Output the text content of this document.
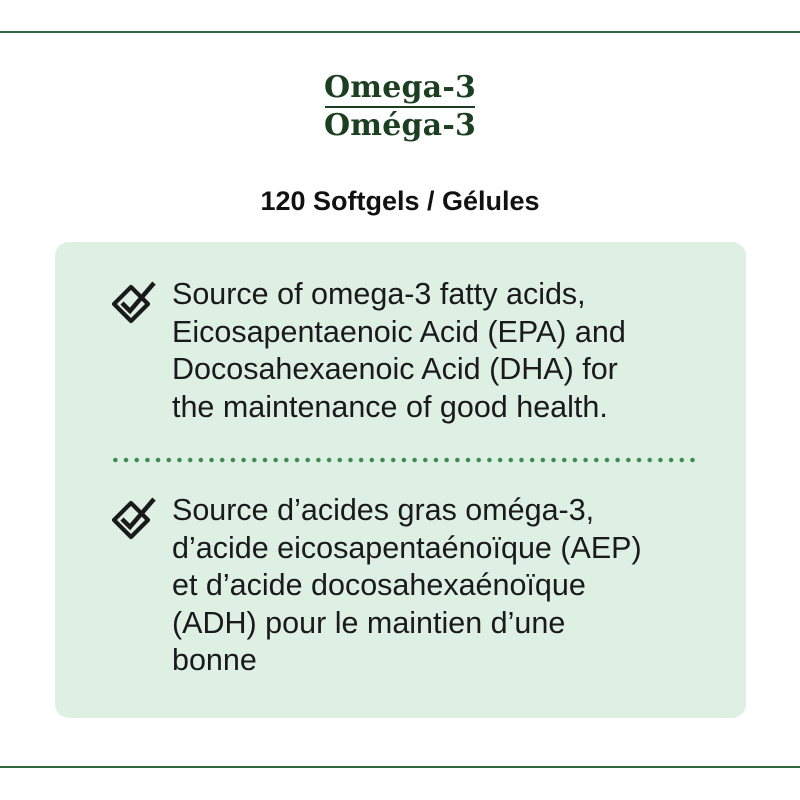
Omega-3
Oméga-3
120 Softgels / Gélules
Source of omega-3 fatty acids,
Eicosapentaenoic Acid (EPA) and
Docosahexaenoic Acid (DHA) for
the maintenance of good health.
Source d’acides gras oméga-3,
d’acide eicosapentaénoïque (AEP)
et d’acide docosahexaénoïque
(ADH) pour le maintien d’une
bonne
